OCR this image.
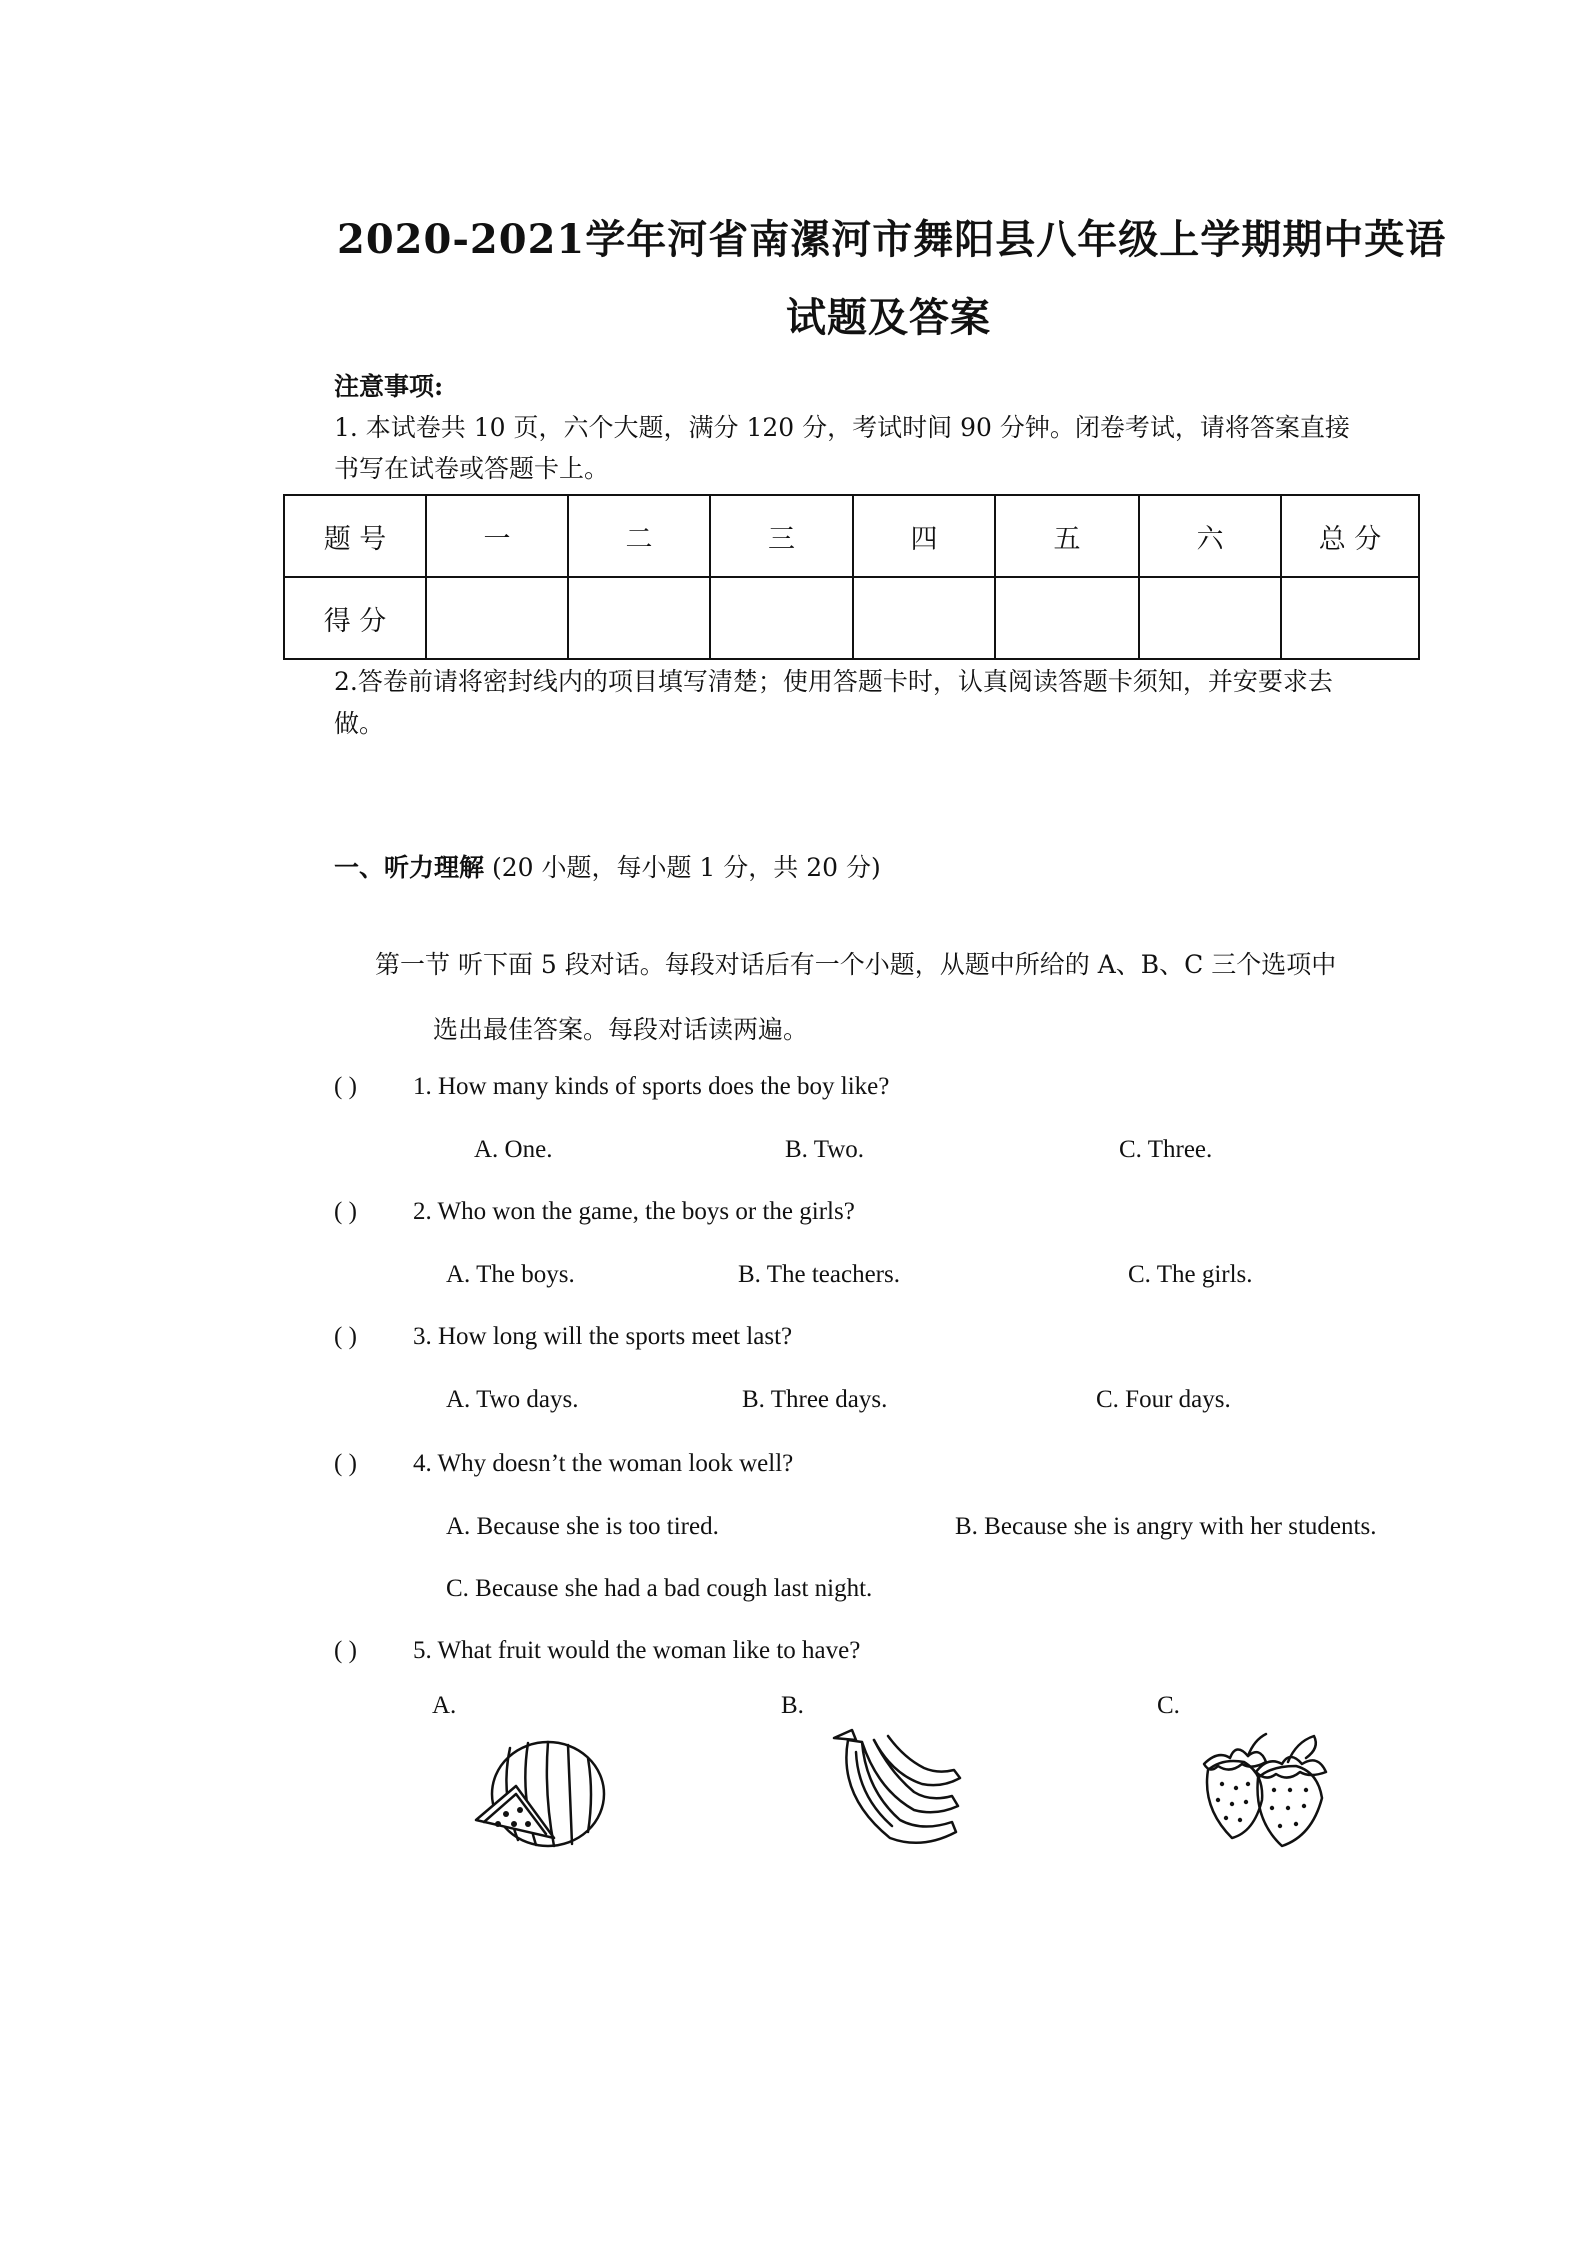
2020-2021学年河省南漯河市舞阳县八年级上学期期中英语
试题及答案
注意事项:
1. 本试卷共 10 页，六个大题，满分 120 分，考试时间 90 分钟。闭卷考试，请将答案直接
书写在试卷或答题卡上。
题 号	一	二	三	四	五	六	总 分
得 分							
2.答卷前请将密封线内的项目填写清楚；使用答题卡时，认真阅读答题卡须知，并安要求去
做。
一、听力理解 (20 小题，每小题 1 分，共 20 分)
第一节 听下面 5 段对话。每段对话后有一个小题，从题中所给的 A、B、C 三个选项中
选出最佳答案。每段对话读两遍。
( ) 1. How many kinds of sports does the boy like?
A. One.	B. Two.	C. Three.
( ) 2. Who won the game, the boys or the girls?
A. The boys.	B. The teachers.	C. The girls.
( ) 3. How long will the sports meet last?
A. Two days.	B. Three days.	C. Four days.
( ) 4. Why doesn’t the woman look well?
A. Because she is too tired.	B. Because she is angry with her students.
C. Because she had a bad cough last night.
( ) 5. What fruit would the woman like to have?
A.	B.	C.
